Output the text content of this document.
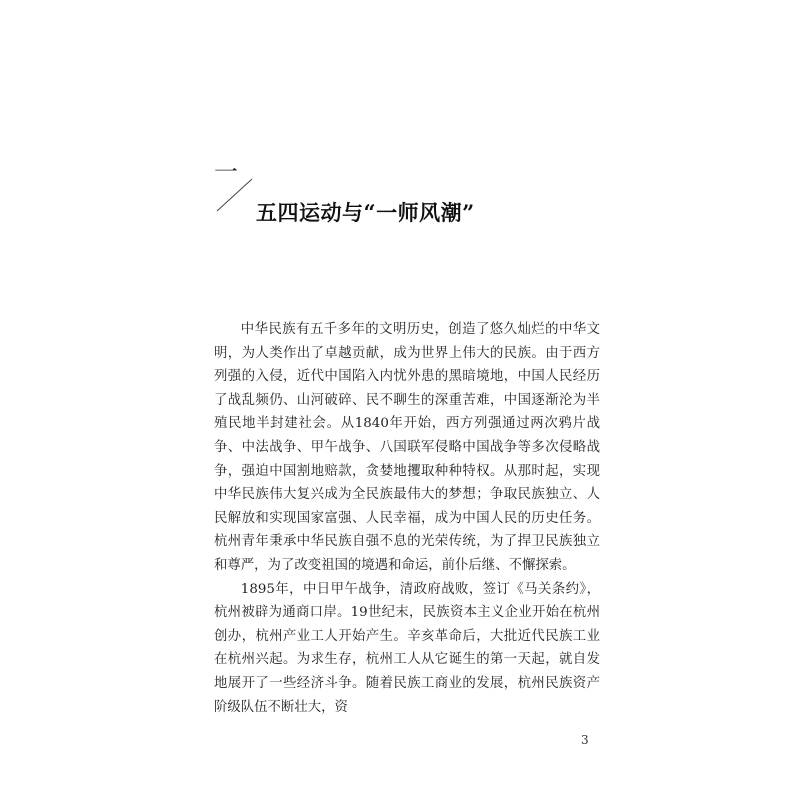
一
五四运动与“一师风潮”

中华民族有五千多年的文明历史，创造了悠久灿烂的中华文明，为人类作出了卓越贡献，成为世界上伟大的民族。由于西方列强的入侵，近代中国陷入内忧外患的黑暗境地，中国人民经历了战乱频仍、山河破碎、民不聊生的深重苦难，中国逐渐沦为半殖民地半封建社会。从1840年开始，西方列强通过两次鸦片战争、中法战争、甲午战争、八国联军侵略中国战争等多次侵略战争，强迫中国割地赔款，贪婪地攫取种种特权。从那时起，实现中华民族伟大复兴成为全民族最伟大的梦想；争取民族独立、人民解放和实现国家富强、人民幸福，成为中国人民的历史任务。杭州青年秉承中华民族自强不息的光荣传统，为了捍卫民族独立和尊严，为了改变祖国的境遇和命运，前仆后继、不懈探索。

1895年，中日甲午战争，清政府战败，签订《马关条约》，杭州被辟为通商口岸。19世纪末，民族资本主义企业开始在杭州创办，杭州产业工人开始产生。辛亥革命后，大批近代民族工业在杭州兴起。为求生存，杭州工人从它诞生的第一天起，就自发地展开了一些经济斗争。随着民族工商业的发展，杭州民族资产阶级队伍不断壮大，资

3
